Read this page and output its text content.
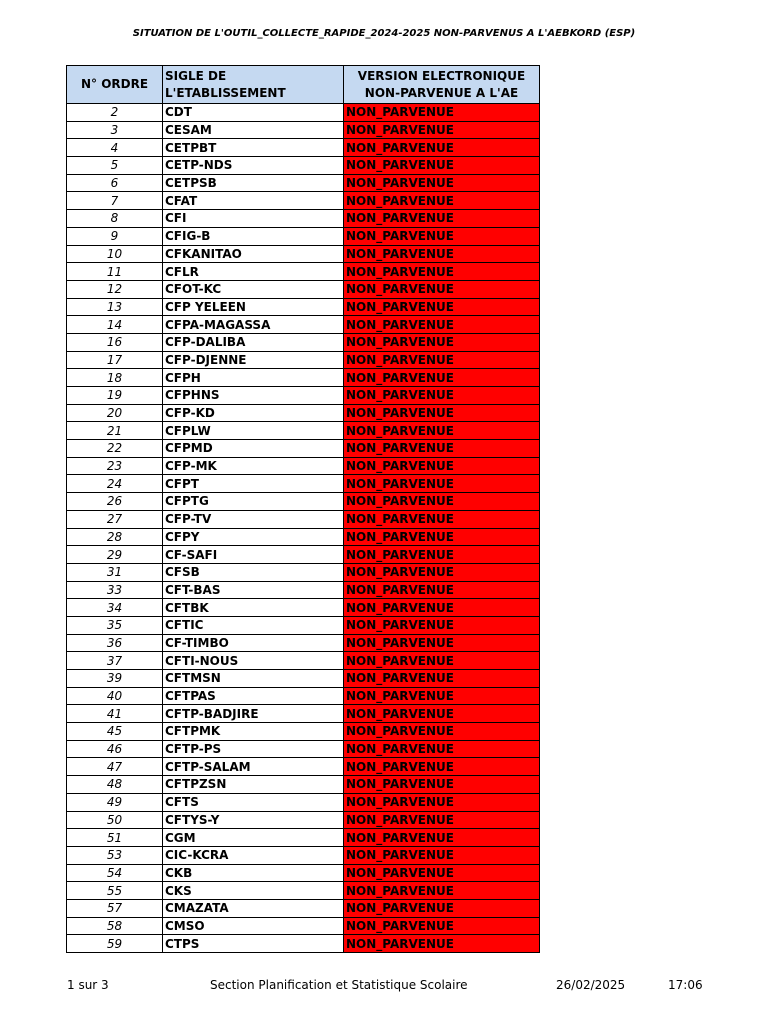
SITUATION DE L'OUTIL_COLLECTE_RAPIDE_2024-2025 NON-PARVENUS A L'AEBKORD (ESP)
N° ORDRE	SIGLE DE L'ETABLISSEMENT	VERSION ELECTRONIQUE
NON-PARVENUE A L'AE
2	CDT	NON_PARVENUE
3	CESAM	NON_PARVENUE
4	CETPBT	NON_PARVENUE
5	CETP-NDS	NON_PARVENUE
6	CETPSB	NON_PARVENUE
7	CFAT	NON_PARVENUE
8	CFI	NON_PARVENUE
9	CFIG-B	NON_PARVENUE
10	CFKANITAO	NON_PARVENUE
11	CFLR	NON_PARVENUE
12	CFOT-KC	NON_PARVENUE
13	CFP YELEEN	NON_PARVENUE
14	CFPA-MAGASSA	NON_PARVENUE
16	CFP-DALIBA	NON_PARVENUE
17	CFP-DJENNE	NON_PARVENUE
18	CFPH	NON_PARVENUE
19	CFPHNS	NON_PARVENUE
20	CFP-KD	NON_PARVENUE
21	CFPLW	NON_PARVENUE
22	CFPMD	NON_PARVENUE
23	CFP-MK	NON_PARVENUE
24	CFPT	NON_PARVENUE
26	CFPTG	NON_PARVENUE
27	CFP-TV	NON_PARVENUE
28	CFPY	NON_PARVENUE
29	CF-SAFI	NON_PARVENUE
31	CFSB	NON_PARVENUE
33	CFT-BAS	NON_PARVENUE
34	CFTBK	NON_PARVENUE
35	CFTIC	NON_PARVENUE
36	CF-TIMBO	NON_PARVENUE
37	CFTI-NOUS	NON_PARVENUE
39	CFTMSN	NON_PARVENUE
40	CFTPAS	NON_PARVENUE
41	CFTP-BADJIRE	NON_PARVENUE
45	CFTPMK	NON_PARVENUE
46	CFTP-PS	NON_PARVENUE
47	CFTP-SALAM	NON_PARVENUE
48	CFTPZSN	NON_PARVENUE
49	CFTS	NON_PARVENUE
50	CFTYS-Y	NON_PARVENUE
51	CGM	NON_PARVENUE
53	CIC-KCRA	NON_PARVENUE
54	CKB	NON_PARVENUE
55	CKS	NON_PARVENUE
57	CMAZATA	NON_PARVENUE
58	CMSO	NON_PARVENUE
59	CTPS	NON_PARVENUE
1 sur 3	Section Planification et Statistique Scolaire	26/02/2025	17:06
